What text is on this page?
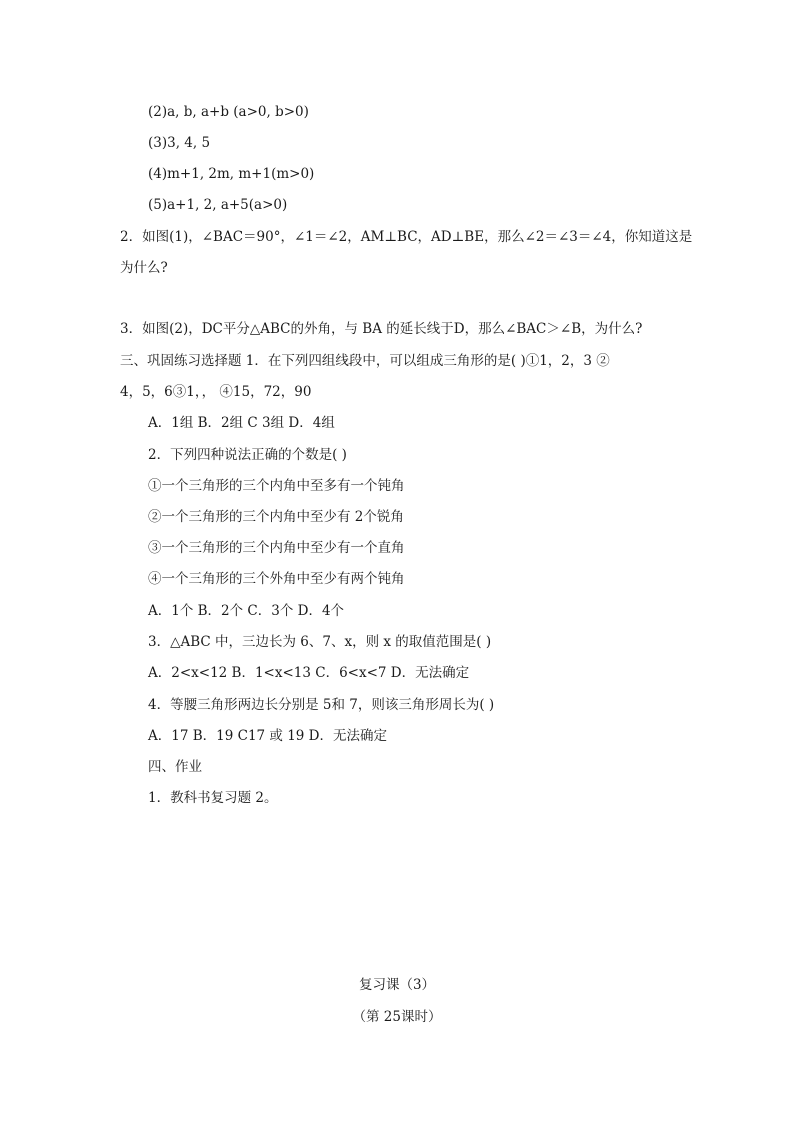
(2)a, b, a+b (a>0, b>0)
(3)3, 4, 5
(4)m+1, 2m, m+1(m>0)
(5)a+1, 2, a+5(a>0)
2．如图(1)，∠BAC＝90°，∠1＝∠2，AM⊥BC，AD⊥BE，那么∠2＝∠3＝∠4，你知道这是
为什么?
3．如图(2)，DC平分△ABC的外角，与 BA 的延长线于D，那么∠BAC＞∠B，为什么?
三、巩固练习选择题 1．在下列四组线段中，可以组成三角形的是( )①1，2，3 ②
4，5，6③1，， ④15，72，90
A．1组 B．2组 C 3组 D．4组
2．下列四种说法正确的个数是( )
①一个三角形的三个内角中至多有一个钝角
②一个三角形的三个内角中至少有 2个锐角
③一个三角形的三个内角中至少有一个直角
④一个三角形的三个外角中至少有两个钝角
A．1个 B．2个 C．3个 D．4个
3．△ABC 中，三边长为 6、7、x，则 x 的取值范围是( )
A．2<x<12 B．1<x<13 C．6<x<7 D．无法确定
4．等腰三角形两边长分别是 5和 7，则该三角形周长为( )
A．17 B．19 C17 或 19 D．无法确定
四、作业
1．教科书复习题 2。
复习课（3）
（第 25课时）
